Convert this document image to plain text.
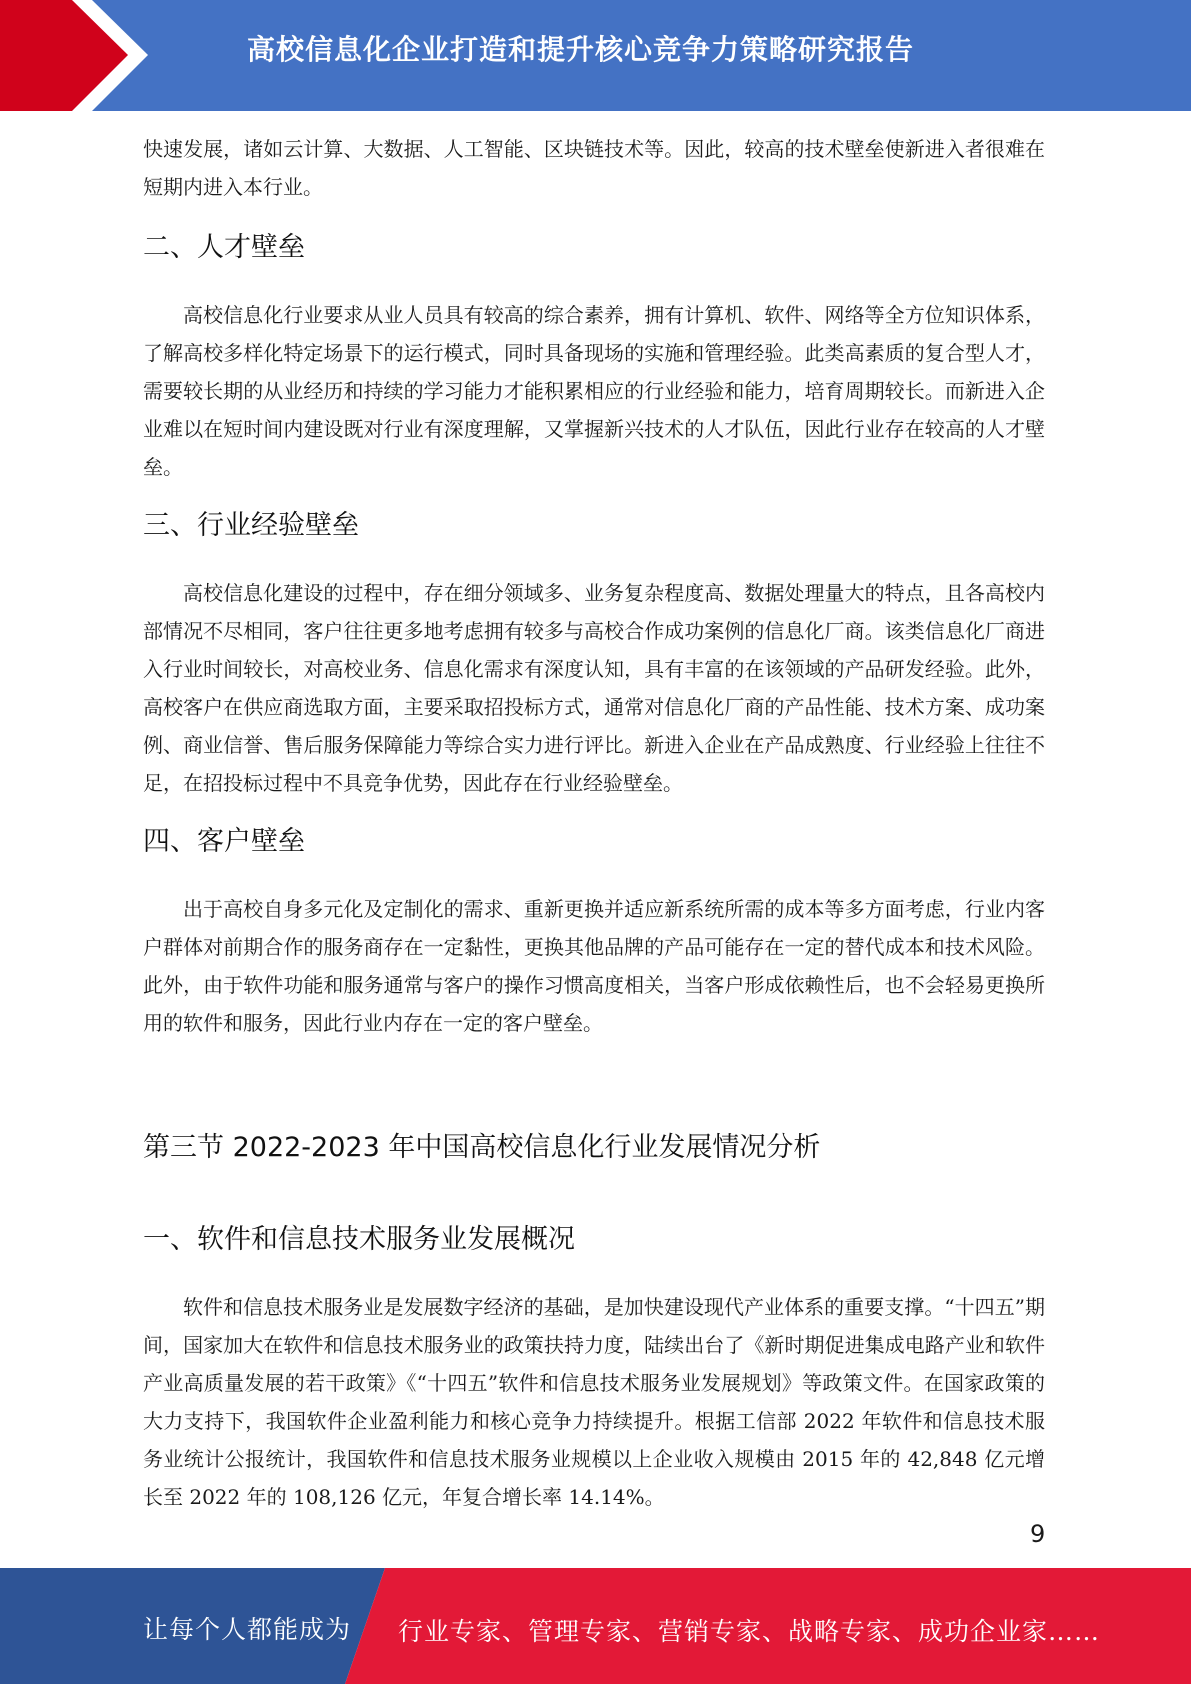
高校信息化企业打造和提升核心竞争力策略研究报告

快速发展，诸如云计算、大数据、人工智能、区块链技术等。因此，较高的技术壁垒使新进入者很难在短期内进入本行业。

二、人才壁垒

高校信息化行业要求从业人员具有较高的综合素养，拥有计算机、软件、网络等全方位知识体系，了解高校多样化特定场景下的运行模式，同时具备现场的实施和管理经验。此类高素质的复合型人才，需要较长期的从业经历和持续的学习能力才能积累相应的行业经验和能力，培育周期较长。而新进入企业难以在短时间内建设既对行业有深度理解，又掌握新兴技术的人才队伍，因此行业存在较高的人才壁垒。

三、行业经验壁垒

高校信息化建设的过程中，存在细分领域多、业务复杂程度高、数据处理量大的特点，且各高校内部情况不尽相同，客户往往更多地考虑拥有较多与高校合作成功案例的信息化厂商。该类信息化厂商进入行业时间较长，对高校业务、信息化需求有深度认知，具有丰富的在该领域的产品研发经验。此外，高校客户在供应商选取方面，主要采取招投标方式，通常对信息化厂商的产品性能、技术方案、成功案例、商业信誉、售后服务保障能力等综合实力进行评比。新进入企业在产品成熟度、行业经验上往往不足，在招投标过程中不具竞争优势，因此存在行业经验壁垒。

四、客户壁垒

出于高校自身多元化及定制化的需求、重新更换并适应新系统所需的成本等多方面考虑，行业内客户群体对前期合作的服务商存在一定黏性，更换其他品牌的产品可能存在一定的替代成本和技术风险。此外，由于软件功能和服务通常与客户的操作习惯高度相关，当客户形成依赖性后，也不会轻易更换所用的软件和服务，因此行业内存在一定的客户壁垒。

第三节 2022-2023 年中国高校信息化行业发展情况分析
一、软件和信息技术服务业发展概况

软件和信息技术服务业是发展数字经济的基础，是加快建设现代产业体系的重要支撑。“十四五”期间，国家加大在软件和信息技术服务业的政策扶持力度，陆续出台了《新时期促进集成电路产业和软件产业高质量发展的若干政策》《“十四五”软件和信息技术服务业发展规划》等政策文件。在国家政策的大力支持下，我国软件企业盈利能力和核心竞争力持续提升。根据工信部 2022 年软件和信息技术服务业统计公报统计，我国软件和信息技术服务业规模以上企业收入规模由 2015 年的 42,848 亿元增长至 2022 年的 108,126 亿元，年复合增长率 14.14%。

9
让每个人都能成为 行业专家、管理专家、营销专家、战略专家、成功企业家……
